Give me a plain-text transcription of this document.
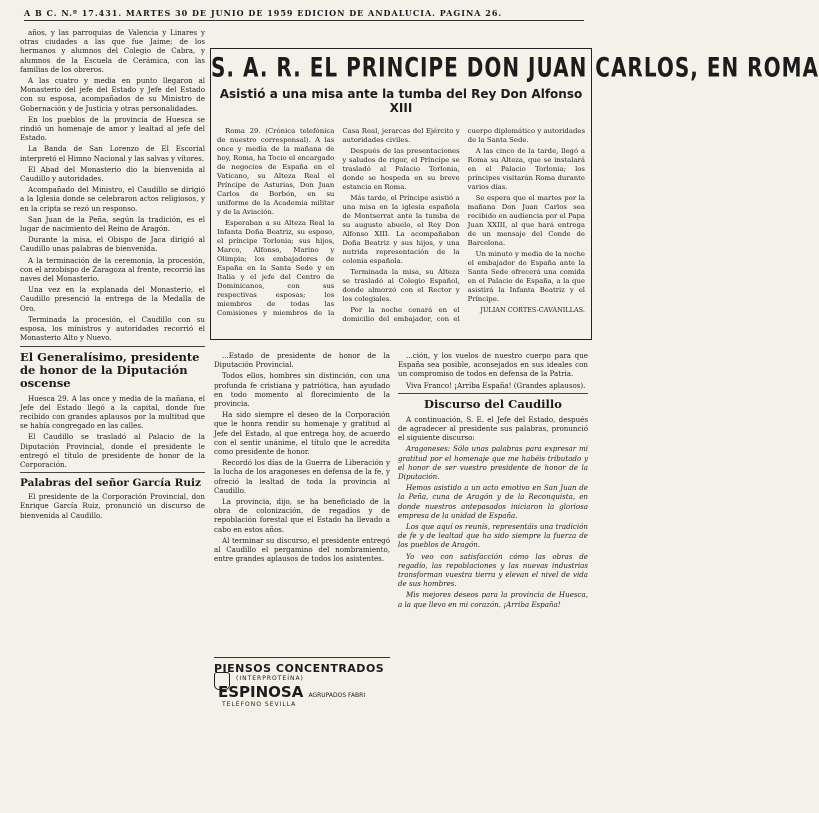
A B C. N.º 17.431. MARTES 30 DE JUNIO DE 1959 EDICION DE ANDALUCIA. PAGINA 26.

años, y las parroquias de Valencia y Linares y otras ciudades a las que fue Jaime; de los hermanos y alumnos del Colegio de Cabra, y alumnos de la Escuela de Cerámica, con las familias de los obreros.

A las cuatro y media en punto llegaron al Monasterio del jefe del Estado y Jefe del Estado con su esposa, acompañados de su Ministro de Gobernación y de Justicia y otras personalidades.

En los pueblos de la provincia de Huesca se rindió un homenaje de amor y lealtad al jefe del Estado.

La Banda de San Lorenzo de El Escorial interpretó el Himno Nacional y las salvas y vítores.

El Abad del Monasterio dio la bienvenida al Caudillo y autoridades.

Acompañado del Ministro, el Caudillo se dirigió a la Iglesia donde se celebraron actos religiosos, y en la cripta se rezó un responso.

San Juan de la Peña, según la tradición, es el lugar de nacimiento del Reino de Aragón.

Durante la misa, el Obispo de Jaca dirigió al Caudillo unas palabras de bienvenida.

A la terminación de la ceremonia, la procesión, con el arzobispo de Zaragoza al frente, recorrió las naves del Monasterio.

Una vez en la explanada del Monasterio, el Caudillo presenció la entrega de la Medalla de Oro.

Terminada la procesión, el Caudillo con su esposa, los ministros y autoridades recorrió el Monasterio Alto y Nuevo.

El Generalísimo, presidente de honor de la Diputación oscense

Huesca 29. A las once y media de la mañana, el Jefe del Estado llegó a la capital, donde fue recibido con grandes aplausos por la multitud que se había congregado en las calles.

El Caudillo se trasladó al Palacio de la Diputación Provincial, donde el presidente le entregó el título de presidente de honor de la Corporación.

Palabras del señor García Ruiz

El presidente de la Corporación Provincial, don Enrique García Ruiz, pronunció un discurso de bienvenida al Caudillo.

S. A. R. EL PRINCIPE DON JUAN CARLOS, EN ROMA
Asistió a una misa ante la tumba del Rey Don Alfonso XIII

Roma 29. (Crónica telefónica de nuestro corresponsal). A las once y media de la mañana de hoy, Roma, ha Tocio el encargado de negocios de España en el Vaticano, su Alteza Real el Príncipe de Asturias, Don Juan Carlos de Borbón, en su uniforme de la Academia militar y de la Aviación.

Esperaban a su Alteza Real la Infanta Doña Beatriz, su esposo, el príncipe Torlonia; sus hijos, Marco, Alfonso, Marino y Olimpia; los embajadores de España en la Santa Sede y en Italia y el jefe del Centro de Dominicanos, con sus respectivas esposas; los miembros de todas las Comisiones y miembros de la Casa Real, jerarcas del Ejército y autoridades civiles.

Después de las presentaciones y saludos de rigor, el Príncipe se trasladó al Palacio Torlonia, donde se hospeda en su breve estancia en Roma.

Más tarde, el Príncipe asistió a una misa en la iglesia española de Montserrat ante la tumba de su augusto abuelo, el Rey Don Alfonso XIII. La acompañaban Doña Beatriz y sus hijos, y una nutrida representación de la colonia española.

Terminada la misa, su Alteza se trasladó al Colegio Español, donde almorzó con el Rector y los colegiales.

Por la noche cenará en el domicilio del embajador, con el cuerpo diplomático y autoridades de la Santa Sede.

A las cinco de la tarde, llegó a Roma su Alteza, que se instalará en el Palacio Torlonia; los príncipes visitarán Roma durante varios días.

Se espera que el martes por la mañana Don Juan Carlos sea recibido en audiencia por el Papa Juan XXIII, al que hará entrega de un mensaje del Conde de Barcelona.

Un minuto y media de la noche el embajador de España ante la Santa Sede ofrecerá una comida en el Palacio de España, a la que asistirá la Infanta Beatriz y el Príncipe.

JULIAN CORTES-CAVANILLAS.

...Estado de presidente de honor de la Diputación Provincial.

Todos ellos, hombres sin distinción, con una profunda fe cristiana y patriótica, han ayudado en todo momento al florecimiento de la provincia.

Ha sido siempre el deseo de la Corporación que le honra rendir su homenaje y gratitud al Jefe del Estado, al que entrega hoy, de acuerdo con el sentir unánime, el título que le acredita como presidente de honor.

Recordó los días de la Guerra de Liberación y la lucha de los aragoneses en defensa de la fe, y ofreció la lealtad de toda la provincia al Caudillo.

La provincia, dijo, se ha beneficiado de la obra de colonización, de regadíos y de repoblación forestal que el Estado ha llevado a cabo en estos años.

Al terminar su discurso, el presidente entregó al Caudillo el pergamino del nombramiento, entre grandes aplausos de todos los asistentes.

PIENSOS CONCENTRADOS
(INTERPROTEÍNA)
ESPINOSA AGRUPADOS FABRI
TELÉFONO SEVILLA

...ción, y los vuelos de nuestro cuerpo para que España sea posible, aconsejados en sus ideales con un compromiso de todos en defensa de la Patria.

Viva Franco! ¡Arriba España! (Grandes aplausos).

Discurso del Caudillo

A continuación, S. E. el Jefe del Estado, después de agradecer al presidente sus palabras, pronunció el siguiente discurso:

Aragoneses: Sólo unas palabras para expresar mi gratitud por el homenaje que me habéis tributado y el honor de ser vuestro presidente de honor de la Diputación.

Hemos asistido a un acto emotivo en San Juan de la Peña, cuna de Aragón y de la Reconquista, en donde nuestros antepasados iniciaron la gloriosa empresa de la unidad de España.

Los que aquí os reunís, representáis una tradición de fe y de lealtad que ha sido siempre la fuerza de los pueblos de Aragón.

Yo veo con satisfacción cómo las obras de regadío, las repoblaciones y las nuevas industrias transforman vuestra tierra y elevan el nivel de vida de sus hombres.

Mis mejores deseos para la provincia de Huesca, a la que llevo en mi corazón. ¡Arriba España!
